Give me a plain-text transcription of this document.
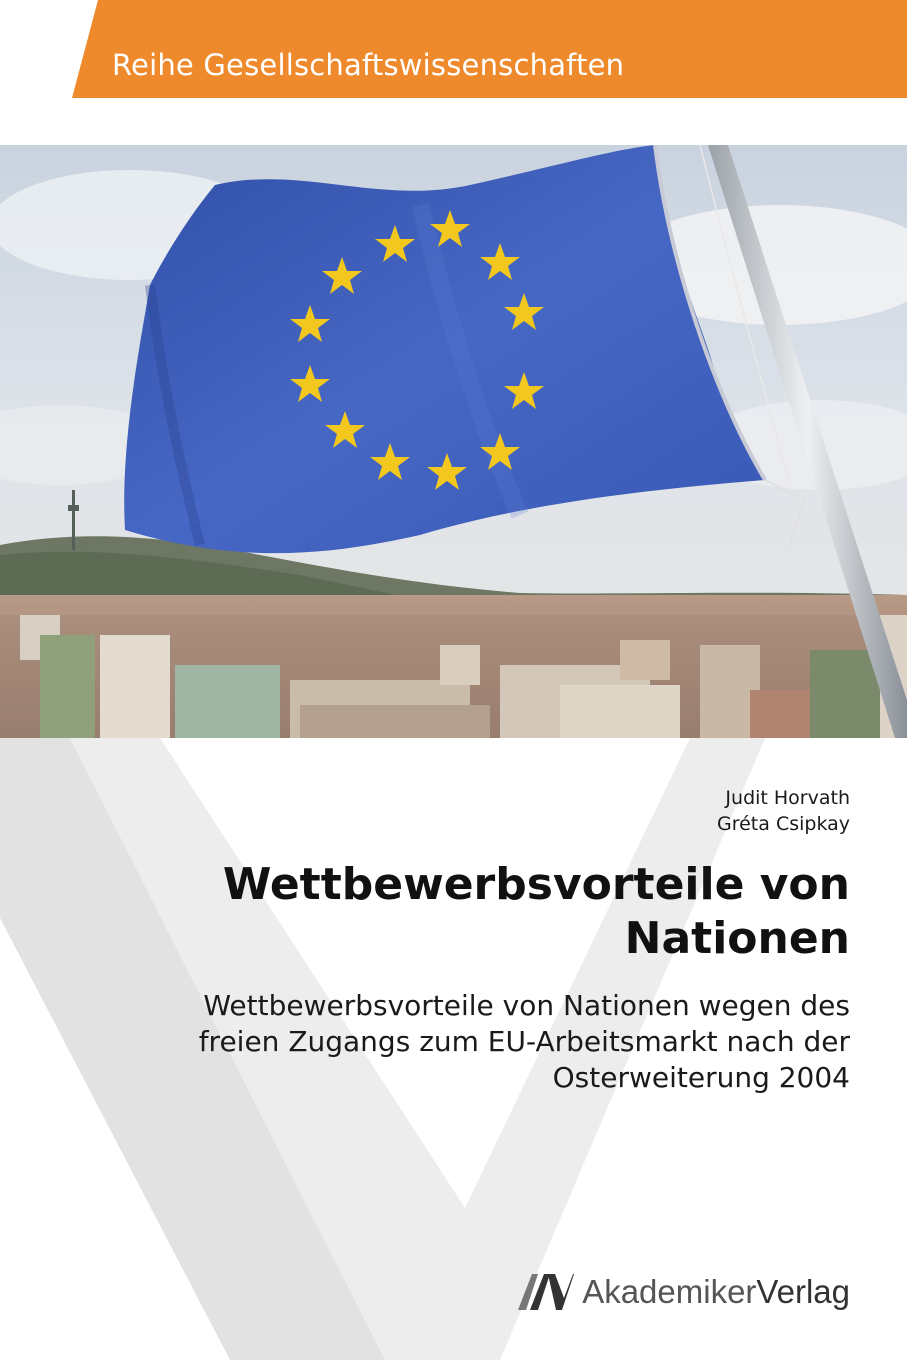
Reihe Gesellschaftswissenschaften
Judit Horvath
Gréta Csipkay
Wettbewerbsvorteile von
Nationen
Wettbewerbsvorteile von Nationen wegen des
freien Zugangs zum EU-Arbeitsmarkt nach der
Osterweiterung 2004
AkademikerVerlag
